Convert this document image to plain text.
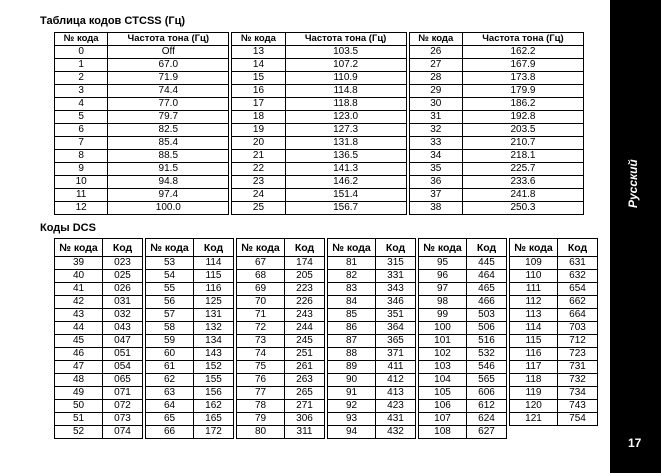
Таблица кодов CTCSS (Гц)
№ кода	Частота тона (Гц)		№ кода	Частота тона (Гц)		№ кода	Частота тона (Гц)
0	Off		13	103.5		26	162.2
1	67.0		14	107.2		27	167.9
2	71.9		15	110.9		28	173.8
3	74.4		16	114.8		29	179.9
4	77.0		17	118.8		30	186.2
5	79.7		18	123.0		31	192.8
6	82.5		19	127.3		32	203.5
7	85.4		20	131.8		33	210.7
8	88.5		21	136.5		34	218.1
9	91.5		22	141.3		35	225.7
10	94.8		23	146.2		36	233.6
11	97.4		24	151.4		37	241.8
12	100.0		25	156.7		38	250.3
Коды DCS
№ кода	Код		№ кода	Код		№ кода	Код		№ кода	Код		№ кода	Код		№ кода	Код
39	023		53	114		67	174		81	315		95	445		109	631
40	025		54	115		68	205		82	331		96	464		110	632
41	026		55	116		69	223		83	343		97	465		111	654
42	031		56	125		70	226		84	346		98	466		112	662
43	032		57	131		71	243		85	351		99	503		113	664
44	043		58	132		72	244		86	364		100	506		114	703
45	047		59	134		73	245		87	365		101	516		115	712
46	051		60	143		74	251		88	371		102	532		116	723
47	054		61	152		75	261		89	411		103	546		117	731
48	065		62	155		76	263		90	412		104	565		118	732
49	071		63	156		77	265		91	413		105	606		119	734
50	072		64	162		78	271		92	423		106	612		120	743
51	073		65	165		79	306		93	431		107	624		121	754
52	074		66	172		80	311		94	432		108	627			
Русский
17
